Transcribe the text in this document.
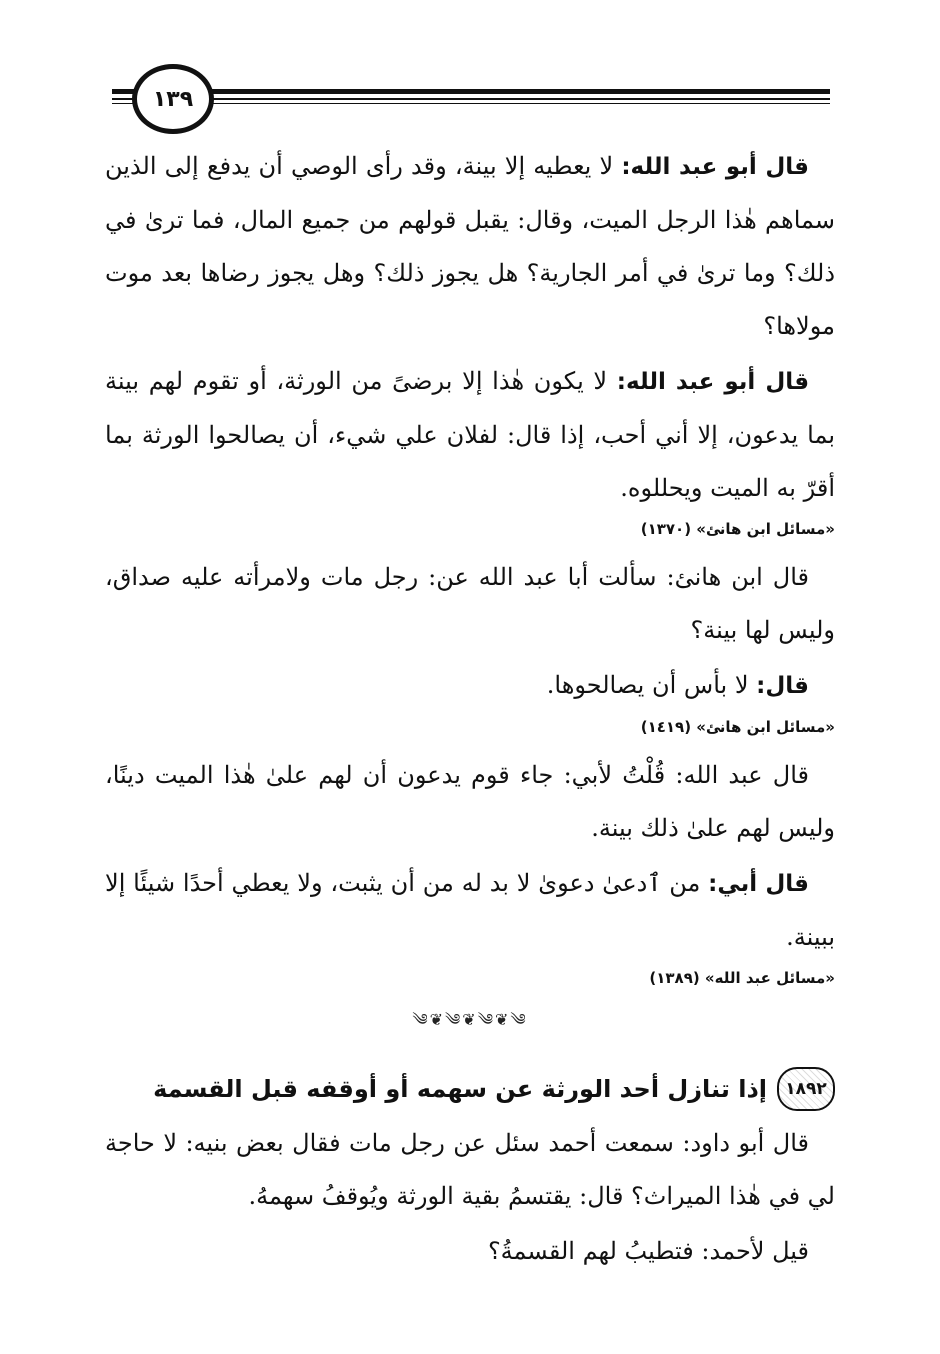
١٣٩

قال أبو عبد الله: لا يعطيه إلا بينة، وقد رأى الوصي أن يدفع إلى الذين سماهم هٰذا الرجل الميت، وقال: يقبل قولهم من جميع المال، فما ترىٰ في ذلك؟ وما ترىٰ في أمر الجارية؟ هل يجوز ذلك؟ وهل يجوز رضاها بعد موت مولاها؟

قال أبو عبد الله: لا يكون هٰذا إلا برضىً من الورثة، أو تقوم لهم بينة بما يدعون، إلا أني أحب، إذا قال: لفلان علي شيء، أن يصالحوا الورثة بما أقرّ به الميت ويحللوه.

«مسائل ابن هانئ» (١٣٧٠)

قال ابن هانئ: سألت أبا عبد الله عن: رجل مات ولامرأته عليه صداق، وليس لها بينة؟

قال: لا بأس أن يصالحوها.

«مسائل ابن هانئ» (١٤١٩)

قال عبد الله: قُلْتُ لأبي: جاء قوم يدعون أن لهم علىٰ هٰذا الميت دينًا، وليس لهم علىٰ ذلك بينة.

قال أبي: من ٱدعىٰ دعوىٰ لا بد له من أن يثبت، ولا يعطي أحدًا شيئًا إلا ببينة.

«مسائل عبد الله» (١٣٨٩)
༄❦༄❦༄❦༄
١٨٩٢
إذا تنازل أحد الورثة عن سهمه أو أوقفه قبل القسمة

قال أبو داود: سمعت أحمد سئل عن رجل مات فقال بعض بنيه: لا حاجة لي في هٰذا الميراث؟ قال: يقتسمُ بقية الورثة ويُوقفُ سهمهُ.

قيل لأحمد: فتطيبُ لهم القسمةُ؟
